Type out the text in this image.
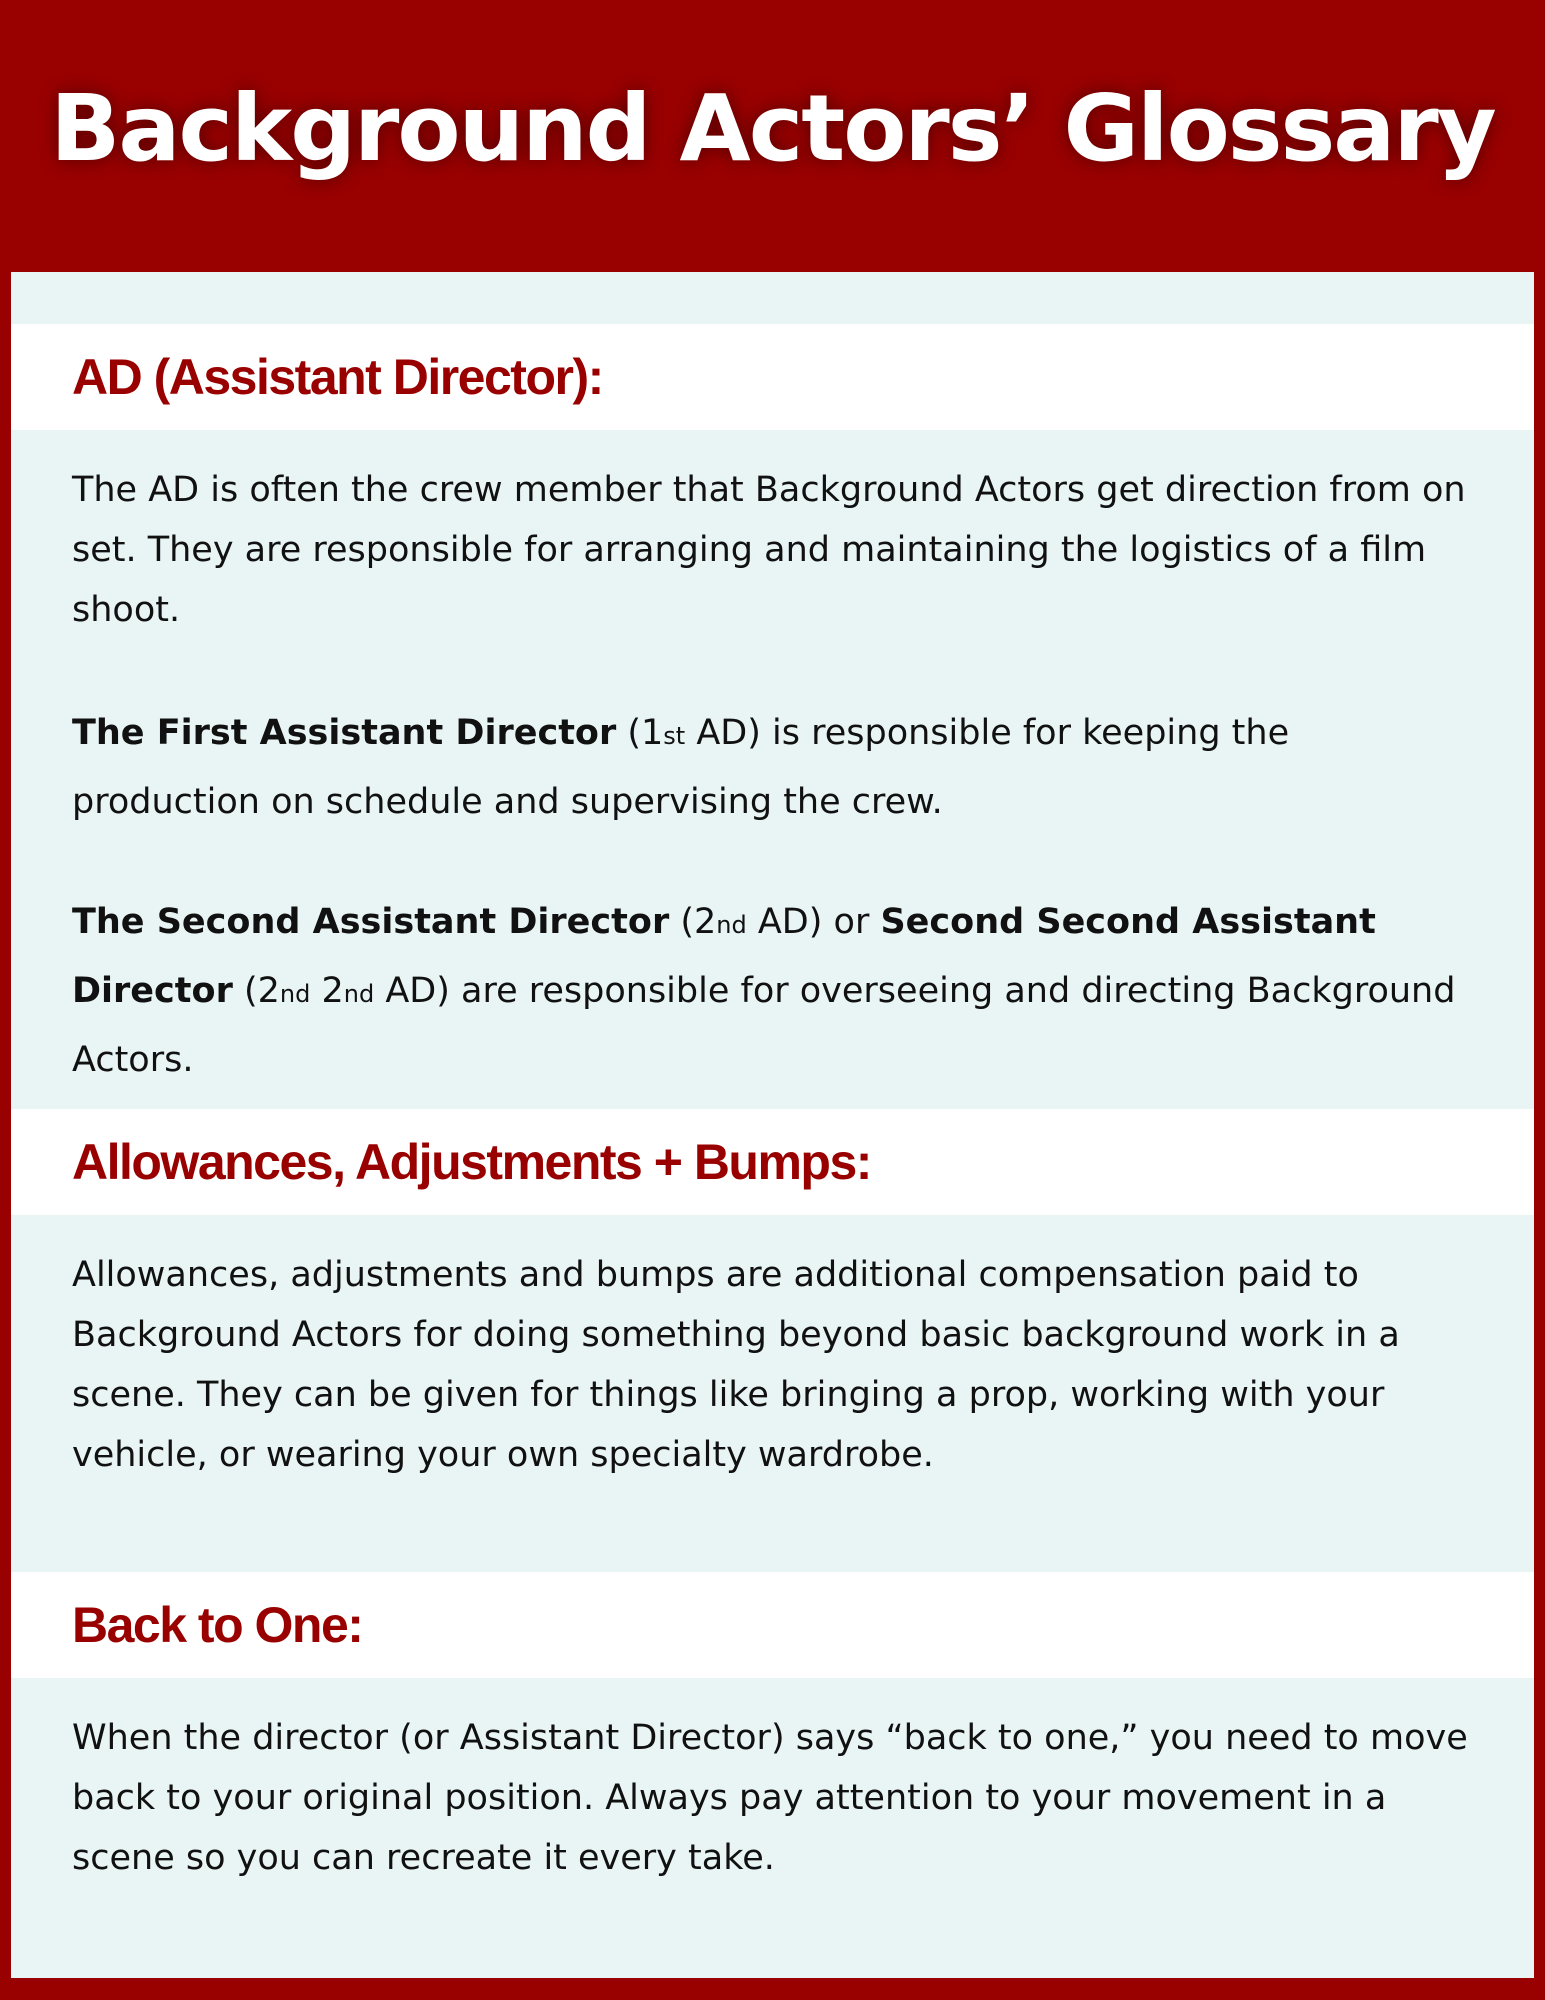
Background Actors’ Glossary
AD (Assistant Director):

The AD is often the crew member that Background Actors get direction from on set. They are responsible for arranging and maintaining the logistics of a film shoot.

The First Assistant Director (1st AD) is responsible for keeping the production on schedule and supervising the crew.

The Second Assistant Director (2nd AD) or Second Second Assistant Director (2nd 2nd AD) are responsible for overseeing and directing Background Actors.

Allowances, Adjustments + Bumps:

Allowances, adjustments and bumps are additional compensation paid to Background Actors for doing something beyond basic background work in a scene. They can be given for things like bringing a prop, working with your vehicle, or wearing your own specialty wardrobe.

Back to One:

When the director (or Assistant Director) says “back to one,” you need to move back to your original position. Always pay attention to your movement in a scene so you can recreate it every take.
